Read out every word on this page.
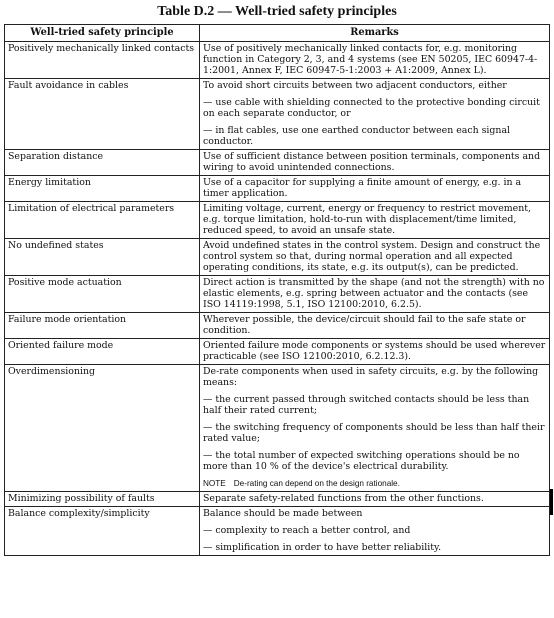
Table D.2 — Well-tried safety principles
Well-tried safety principle	Remarks
Positively mechanically linked contacts	Use of positively mechanically linked contacts for, e.g. monitoring function in Category 2, 3, and 4 systems (see EN 50205, IEC 60947-4-1:2001, Annex F, IEC 60947-5-1:2003 + A1:2009, Annex L).

Fault avoidance in cables	To avoid short circuits between two adjacent conductors, either

— use cable with shielding connected to the protective bonding circuit on each separate conductor, or

— in flat cables, use one earthed conductor between each signal conductor.

Separation distance	Use of sufficient distance between position terminals, components and wiring to avoid unintended connections.

Energy limitation	Use of a capacitor for supplying a finite amount of energy, e.g. in a timer application.

Limitation of electrical parameters	Limiting voltage, current, energy or frequency to restrict movement, e.g. torque limitation, hold-to-run with displacement/time limited, reduced speed, to avoid an unsafe state.

No undefined states	Avoid undefined states in the control system. Design and construct the control system so that, during normal operation and all expected operating conditions, its state, e.g. its output(s), can be predicted.

Positive mode actuation	Direct action is transmitted by the shape (and not the strength) with no elastic elements, e.g. spring between actuator and the contacts (see ISO 14119:1998, 5.1, ISO 12100:2010, 6.2.5).

Failure mode orientation	Wherever possible, the device/circuit should fail to the safe state or condition.

Oriented failure mode	Oriented failure mode components or systems should be used wherever practicable (see ISO 12100:2010, 6.2.12.3).

Overdimensioning	De-rate components when used in safety circuits, e.g. by the following means:

— the current passed through switched contacts should be less than half their rated current;

— the switching frequency of components should be less than half their rated value;

— the total number of expected switching operations should be no more than 10 % of the device's electrical durability.

NOTE De-rating can depend on the design rationale.

Minimizing possibility of faults	Separate safety-related functions from the other functions.

Balance complexity/simplicity	Balance should be made between

— complexity to reach a better control, and

— simplification in order to have better reliability.
